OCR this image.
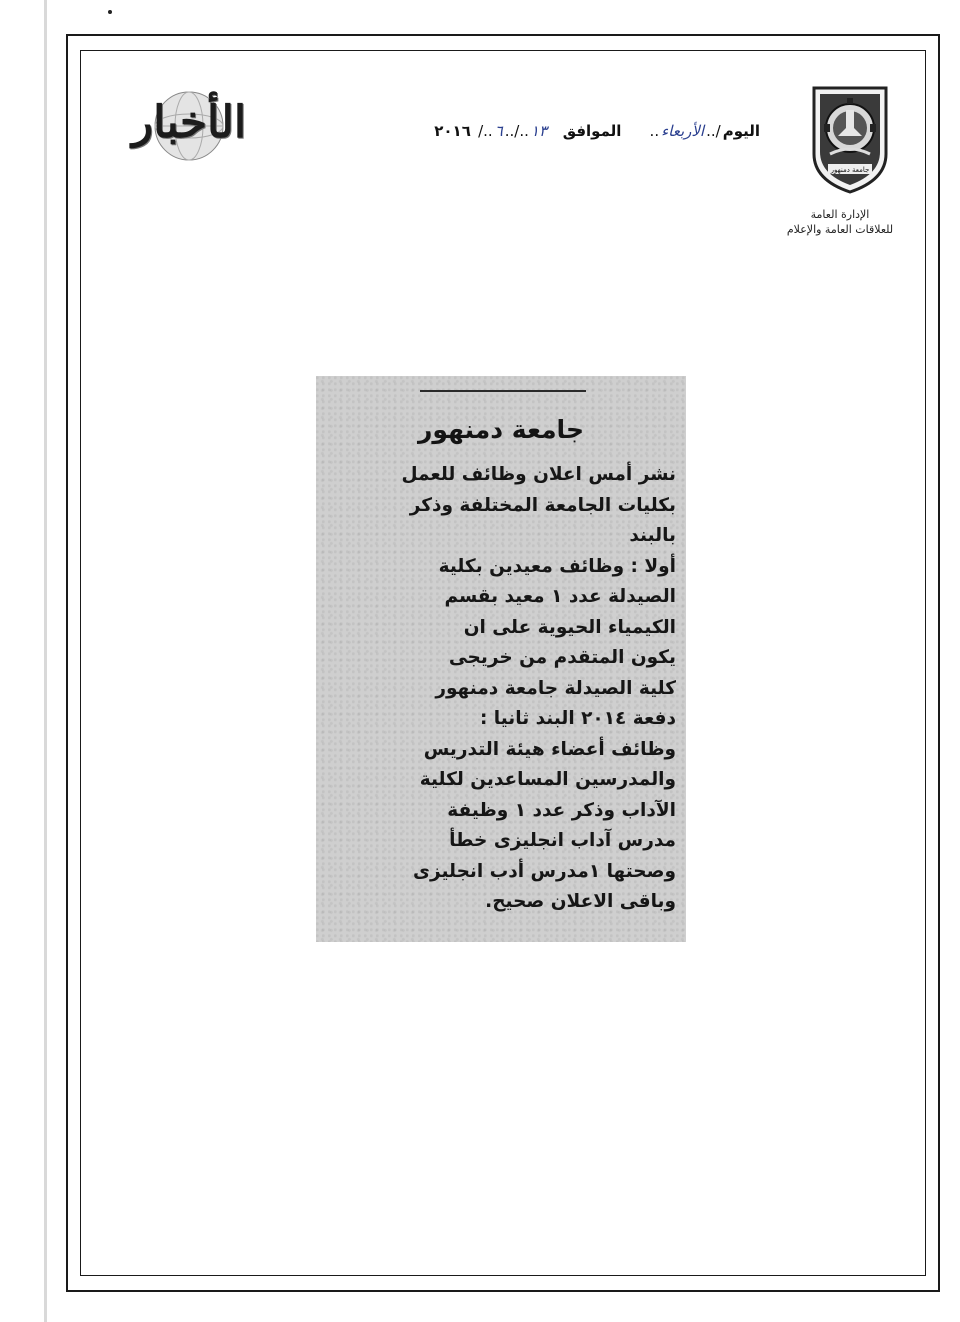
جامعة دمنهور
الإدارة العامة
للعلاقات العامة والإعلام
الأخبار	اليوم/..الأربعاء..     الموافق   ١٣../..٦../ ٢٠١٦
جامعة دمنهور
نشر أمس اعلان وظائف للعمل
بكليات الجامعة المختلفة وذكر
بالبند
أولا : وظائف معيدين بكلية
الصيدلة عدد ١ معيد بقسم
الكيمياء الحيوية على ان
يكون المتقدم من خريجى
كلية الصيدلة جامعة دمنهور
دفعة ٢٠١٤ البند ثانيا :
وظائف أعضاء هيئة التدريس
والمدرسين المساعدين لكلية
الآداب وذكر عدد ١ وظيفة
مدرس آداب انجليزى خطأ
وصحتها ١مدرس أدب انجليزى
وباقى الاعلان صحيح.
